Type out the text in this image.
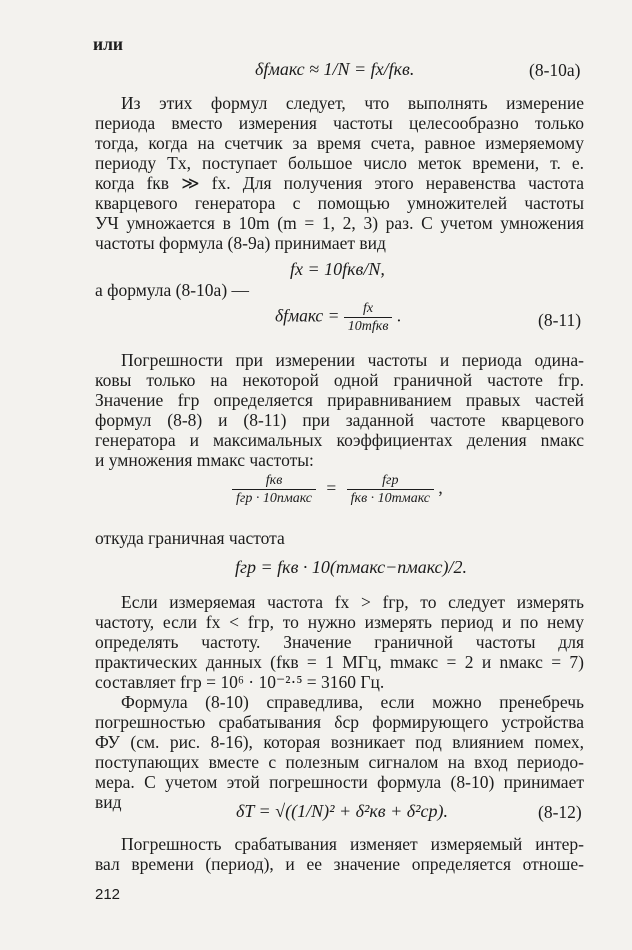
или
δfмакс ≈ 1/N = fx/fкв.	(8-10а)
Из этих формул следует, что выполнять измерение
периода вместо измерения частоты целесообразно только
тогда, когда на счетчик за время счета, равное измеряемому
периоду Tx, поступает большое число меток времени, т. е.
когда fкв ≫ fx. Для получения этого неравенства частота
кварцевого генератора с помощью умножителей частоты
УЧ умножается в 10m (m = 1, 2, 3) раз. С учетом умножения
частоты формула (8-9а) принимает вид
fx = 10fкв/N,
а формула (8-10а) —
δfмакс = $\frac{fx}{\text{10mfкв}}$ .	(8-11)
Погрешности при измерении частоты и периода одина-
ковы только на некоторой одной граничной частоте fгр.
Значение fгр определяется приравниванием правых частей
формул (8-8) и (8-11) при заданной частоте кварцевого
генератора и максимальных коэффициентах деления nмакс
и умножения mмакс частоты:
$\frac{\text{fкв}}{\text{fгр · 10nмакс}} = \frac{\text{fгр}}{\text{fкв · 10mмакс}}$ ,
откуда граничная частота
fгр = fкв · 10(mмакс−nмакс)/2.
Если измеряемая частота fx > fгр, то следует измерять
частоту, если fx < fгр, то нужно измерять период и по нему
определять частоту. Значение граничной частоты для
практических данных (fкв = 1 МГц, mмакс = 2 и nмакс = 7)
составляет fгр = 10⁶ · 10⁻²·⁵ = 3160 Гц.
Формула (8-10) справедлива, если можно пренебречь
погрешностью срабатывания δср формирующего устройства
ФУ (см. рис. 8-16), которая возникает под влиянием помех,
поступающих вместе с полезным сигналом на вход периодо-
мера. С учетом этой погрешности формула (8-10) принимает
вид	δT = √((1/N)² + δ²кв + δ²ср).	(8-12)
Погрешность срабатывания изменяет измеряемый интер-
вал времени (период), и ее значение определяется отноше-
212
